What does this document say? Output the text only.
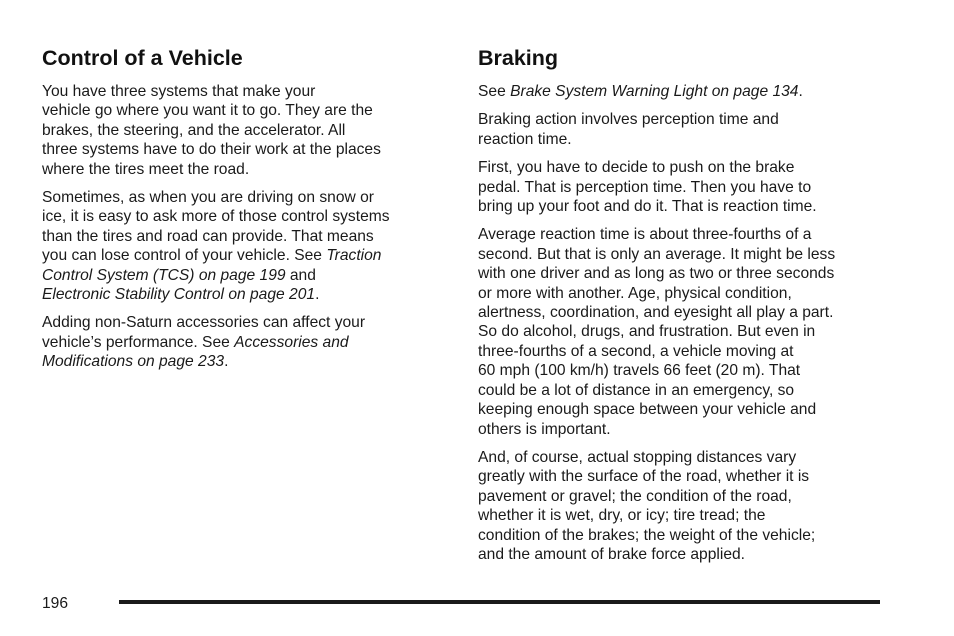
Control of a Vehicle

You have three systems that make your
vehicle go where you want it to go. They are the
brakes, the steering, and the accelerator. All
three systems have to do their work at the places
where the tires meet the road.

Sometimes, as when you are driving on snow or
ice, it is easy to ask more of those control systems
than the tires and road can provide. That means
you can lose control of your vehicle. See Traction
Control System (TCS) on page 199 and
Electronic Stability Control on page 201.

Adding non-Saturn accessories can affect your
vehicle’s performance. See Accessories and
Modifications on page 233.

Braking

See Brake System Warning Light on page 134.

Braking action involves perception time and
reaction time.

First, you have to decide to push on the brake
pedal. That is perception time. Then you have to
bring up your foot and do it. That is reaction time.

Average reaction time is about three-fourths of a
second. But that is only an average. It might be less
with one driver and as long as two or three seconds
or more with another. Age, physical condition,
alertness, coordination, and eyesight all play a part.
So do alcohol, drugs, and frustration. But even in
three-fourths of a second, a vehicle moving at
60 mph (100 km/h) travels 66 feet (20 m). That
could be a lot of distance in an emergency, so
keeping enough space between your vehicle and
others is important.

And, of course, actual stopping distances vary
greatly with the surface of the road, whether it is
pavement or gravel; the condition of the road,
whether it is wet, dry, or icy; tire tread; the
condition of the brakes; the weight of the vehicle;
and the amount of brake force applied.

196
